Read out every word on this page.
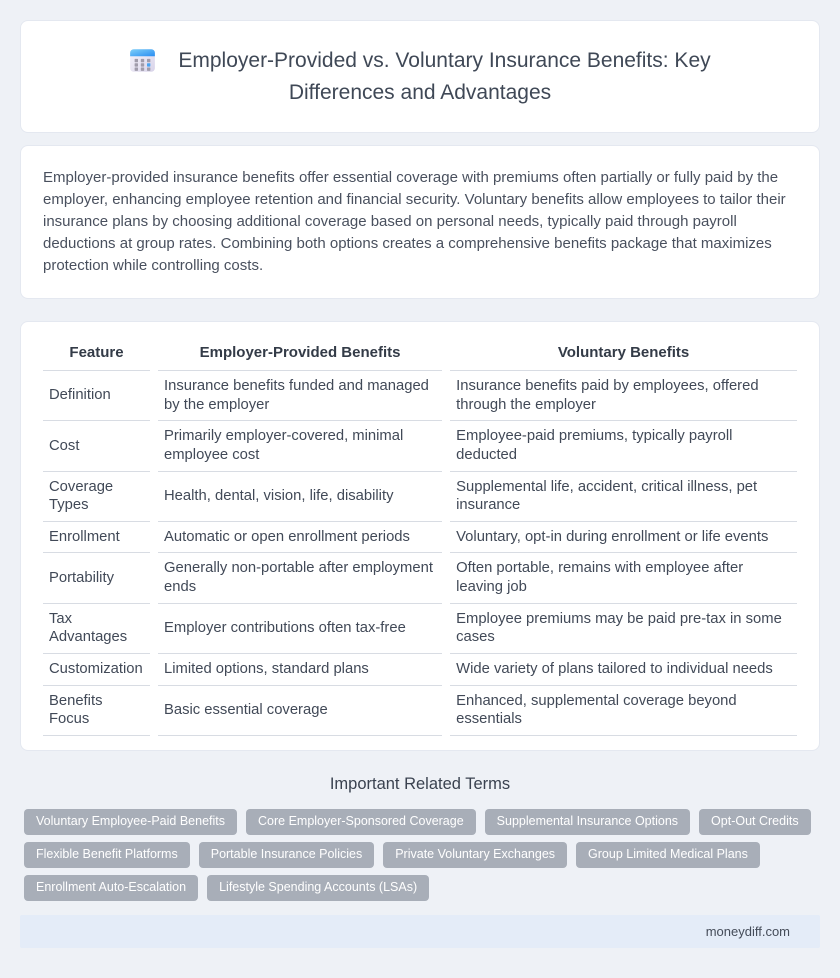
Employer-Provided vs. Voluntary Insurance Benefits: Key
Differences and Advantages

Employer-provided insurance benefits offer essential coverage with premiums often partially or fully paid by the employer, enhancing employee retention and financial security. Voluntary benefits allow employees to tailor their insurance plans by choosing additional coverage based on personal needs, typically paid through payroll deductions at group rates. Combining both options creates a comprehensive benefits package that maximizes protection while controlling costs.

Feature	Employer-Provided Benefits	Voluntary Benefits
Definition	Insurance benefits funded and managed by the employer	Insurance benefits paid by employees, offered through the employer
Cost	Primarily employer-covered, minimal employee cost	Employee-paid premiums, typically payroll deducted
Coverage Types	Health, dental, vision, life, disability	Supplemental life, accident, critical illness, pet insurance
Enrollment	Automatic or open enrollment periods	Voluntary, opt-in during enrollment or life events
Portability	Generally non-portable after employment ends	Often portable, remains with employee after leaving job
Tax Advantages	Employer contributions often tax-free	Employee premiums may be paid pre-tax in some cases
Customization	Limited options, standard plans	Wide variety of plans tailored to individual needs
Benefits Focus	Basic essential coverage	Enhanced, supplemental coverage beyond essentials
Important Related Terms
Voluntary Employee-Paid Benefits	Core Employer-Sponsored Coverage	Supplemental Insurance Options	Opt-Out Credits
Flexible Benefit Platforms	Portable Insurance Policies	Private Voluntary Exchanges	Group Limited Medical Plans
Enrollment Auto-Escalation	Lifestyle Spending Accounts (LSAs)
moneydiff.com
